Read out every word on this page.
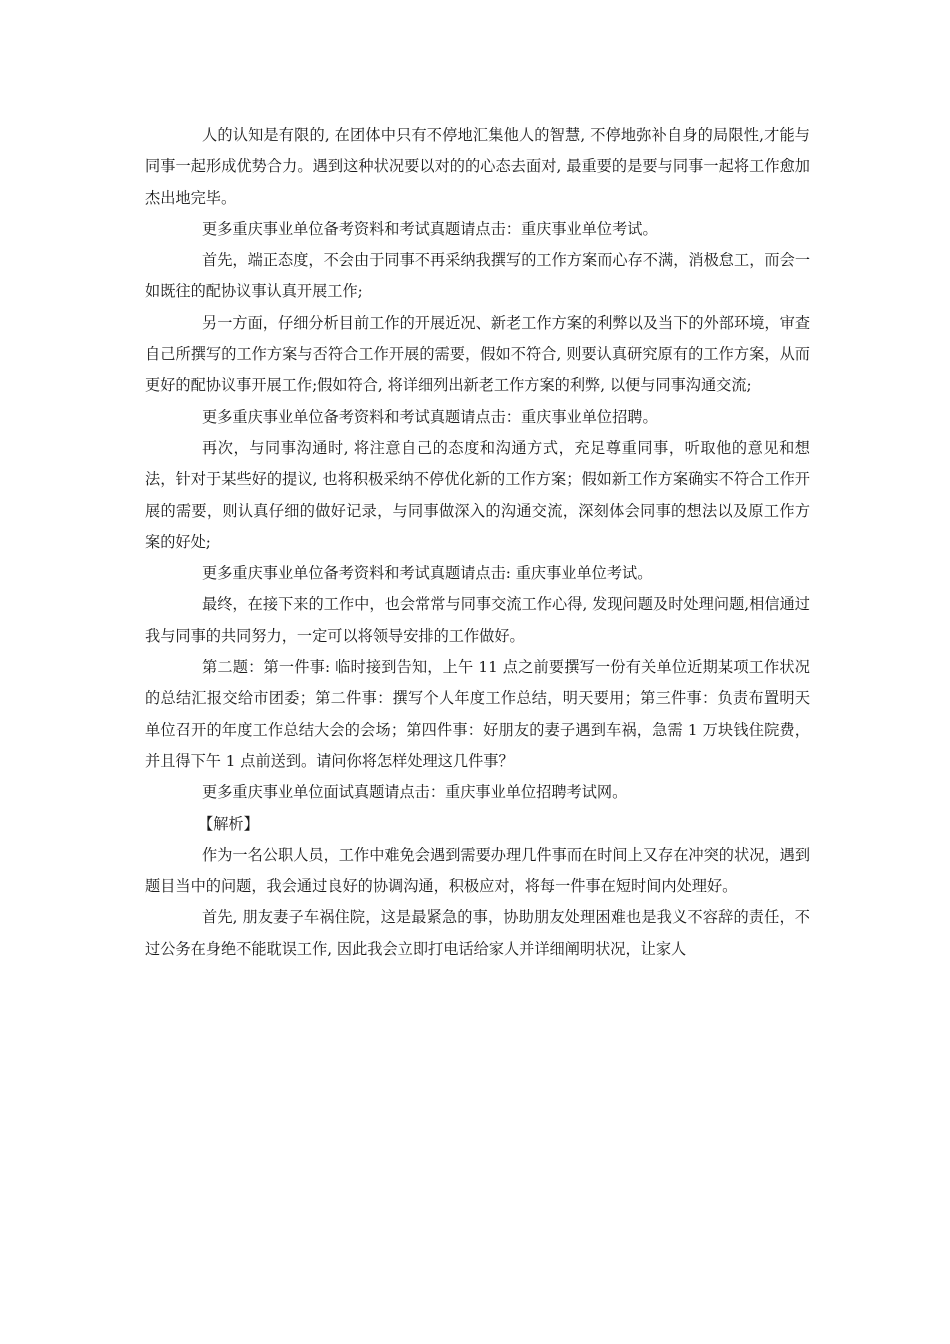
人的认知是有限的, 在团体中只有不停地汇集他人的智慧, 不停地弥补自身的局限性,才能与同事一起形成优势合力。遇到这种状况要以对的的心态去面对, 最重要的是要与同事一起将工作愈加杰出地完毕。

更多重庆事业单位备考资料和考试真题请点击：重庆事业单位考试。

首先，端正态度，不会由于同事不再采纳我撰写的工作方案而心存不满，消极怠工，而会一如既往的配协议事认真开展工作;

另一方面，仔细分析目前工作的开展近况、新老工作方案的利弊以及当下的外部环境，审查自己所撰写的工作方案与否符合工作开展的需要，假如不符合, 则要认真研究原有的工作方案，从而更好的配协议事开展工作;假如符合, 将详细列出新老工作方案的利弊, 以便与同事沟通交流;

更多重庆事业单位备考资料和考试真题请点击：重庆事业单位招聘。

再次，与同事沟通时, 将注意自己的态度和沟通方式，充足尊重同事，听取他的意见和想法，针对于某些好的提议, 也将积极采纳不停优化新的工作方案；假如新工作方案确实不符合工作开展的需要，则认真仔细的做好记录，与同事做深入的沟通交流，深刻体会同事的想法以及原工作方案的好处;

更多重庆事业单位备考资料和考试真题请点击: 重庆事业单位考试。

最终，在接下来的工作中，也会常常与同事交流工作心得, 发现问题及时处理问题,相信通过我与同事的共同努力，一定可以将领导安排的工作做好。

第二题：第一件事: 临时接到告知，上午 11 点之前要撰写一份有关单位近期某项工作状况的总结汇报交给市团委；第二件事：撰写个人年度工作总结，明天要用；第三件事：负责布置明天单位召开的年度工作总结大会的会场；第四件事：好朋友的妻子遇到车祸，急需 1 万块钱住院费，并且得下午 1 点前送到。请问你将怎样处理这几件事？

更多重庆事业单位面试真题请点击：重庆事业单位招聘考试网。

【解析】

作为一名公职人员，工作中难免会遇到需要办理几件事而在时间上又存在冲突的状况，遇到题目当中的问题，我会通过良好的协调沟通，积极应对，将每一件事在短时间内处理好。

首先, 朋友妻子车祸住院，这是最紧急的事，协助朋友处理困难也是我义不容辞的责任，不过公务在身绝不能耽误工作, 因此我会立即打电话给家人并详细阐明状况，让家人
